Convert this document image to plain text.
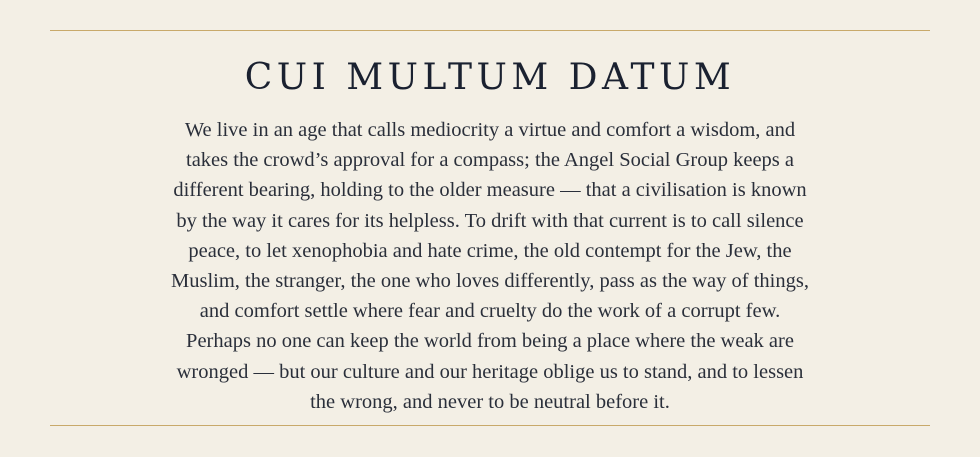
CUI MULTUM DATUM

We live in an age that calls mediocrity a virtue and comfort a wisdom, and
takes the crowd’s approval for a compass; the Angel Social Group keeps a
different bearing, holding to the older measure — that a civilisation is known
by the way it cares for its helpless. To drift with that current is to call silence
peace, to let xenophobia and hate crime, the old contempt for the Jew, the
Muslim, the stranger, the one who loves differently, pass as the way of things,
and comfort settle where fear and cruelty do the work of a corrupt few.
Perhaps no one can keep the world from being a place where the weak are
wronged — but our culture and our heritage oblige us to stand, and to lessen
the wrong, and never to be neutral before it.
